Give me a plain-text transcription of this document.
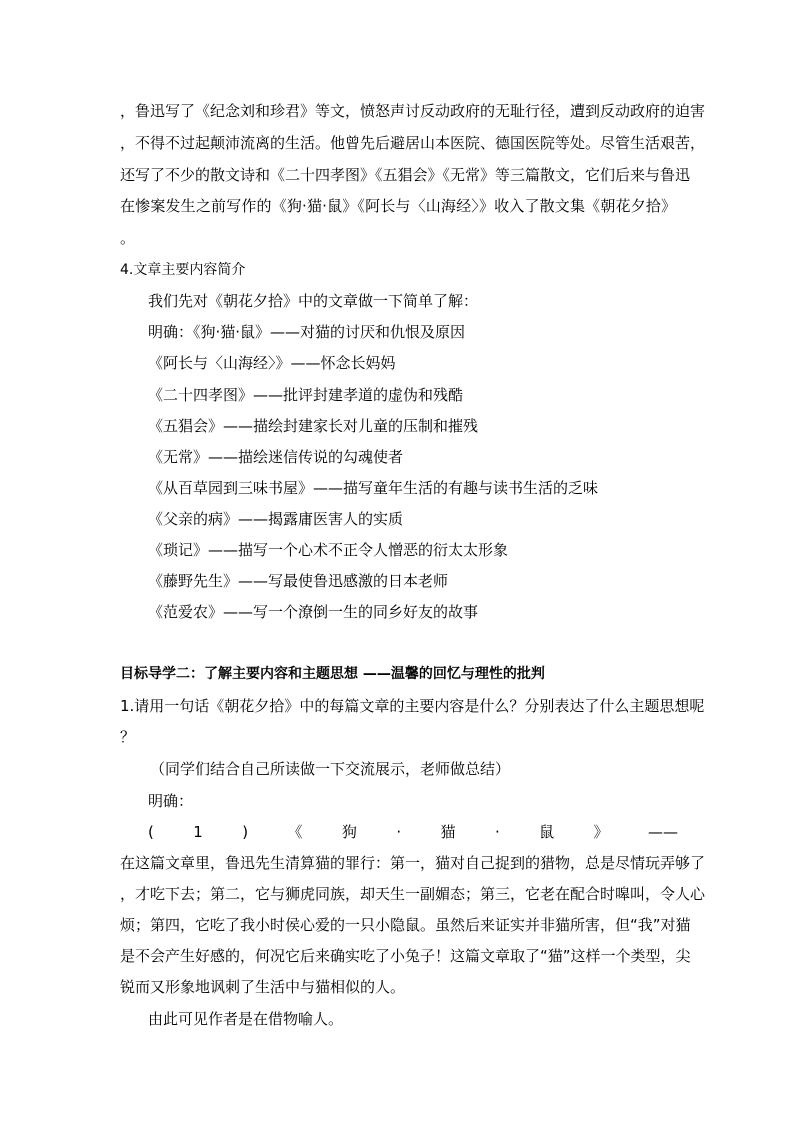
，鲁迅写了《纪念刘和珍君》等文，愤怒声讨反动政府的无耻行径，遭到反动政府的迫害
，不得不过起颠沛流离的生活。他曾先后避居山本医院、德国医院等处。尽管生活艰苦，
还写了不少的散文诗和《二十四孝图》《五猖会》《无常》等三篇散文，它们后来与鲁迅
在惨案发生之前写作的《狗·猫·鼠》《阿长与〈山海经〉》收入了散文集《朝花夕拾》
。
4.文章主要内容简介
我们先对《朝花夕拾》中的文章做一下简单了解：
明确：《狗·猫·鼠》——对猫的讨厌和仇恨及原因
《阿长与〈山海经〉》——怀念长妈妈
《二十四孝图》——批评封建孝道的虚伪和残酷
《五猖会》——描绘封建家长对儿童的压制和摧残
《无常》——描绘迷信传说的勾魂使者
《从百草园到三味书屋》——描写童年生活的有趣与读书生活的乏味
《父亲的病》——揭露庸医害人的实质
《琐记》——描写一个心术不正令人憎恶的衍太太形象
《藤野先生》——写最使鲁迅感激的日本老师
《范爱农》——写一个潦倒一生的同乡好友的故事
目标导学二：了解主要内容和主题思想 ——温馨的回忆与理性的批判
1.请用一句话《朝花夕拾》中的每篇文章的主要内容是什么？分别表达了什么主题思想呢
？
（同学们结合自己所读做一下交流展示，老师做总结）
明确：
(	1	)	《	狗	·	猫	·	鼠	》	——
在这篇文章里，鲁迅先生清算猫的罪行：第一，猫对自己捉到的猎物，总是尽情玩弄够了
，才吃下去；第二，它与狮虎同族，却天生一副媚态；第三，它老在配合时嗥叫，令人心
烦；第四，它吃了我小时侯心爱的一只小隐鼠。虽然后来证实并非猫所害，但“我”对猫
是不会产生好感的，何况它后来确实吃了小兔子！这篇文章取了“猫”这样一个类型，尖
锐而又形象地讽刺了生活中与猫相似的人。
由此可见作者是在借物喻人。
